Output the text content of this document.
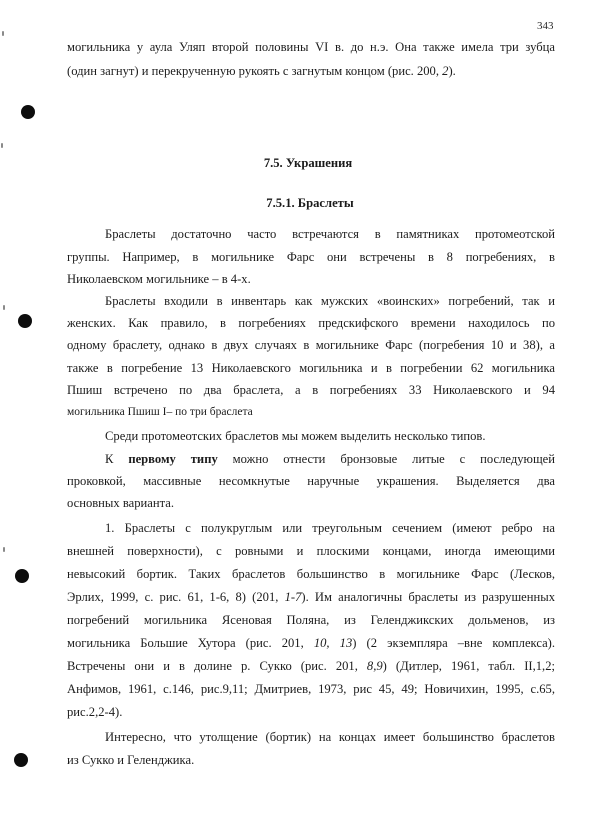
343
могильника у аула Уляп второй половины VI в. до н.э. Она также имела три зубца
(один загнут) и перекрученную рукоять с загнутым концом (рис. 200, 2).
7.5. Украшения
7.5.1. Браслеты
Браслеты достаточно часто встречаются в памятниках протомеотской
группы. Например, в могильнике Фарс они встречены в 8 погребениях, в
Николаевском могильнике – в 4-х.
Браслеты входили в инвентарь как мужских «воинских» погребений, так и
женских. Как правило, в погребениях предскифского времени находилось по
одному браслету, однако в двух случаях в могильнике Фарс (погребения 10 и 38), а
также в погребение 13 Николаевского могильника и в погребении 62 могильника
Пшиш встречено по два браслета, а в погребениях 33 Николаевского и 94
могильника Пшиш I– по три браслета
Среди протомеотских браслетов мы можем выделить несколько типов.
К первому типу можно отнести бронзовые литые с последующей
проковкой, массивные несомкнутые наручные украшения. Выделяется два
основных варианта.
1. Браслеты с полукруглым или треугольным сечением (имеют ребро на
внешней поверхности), с ровными и плоскими концами, иногда имеющими
невысокий бортик. Таких браслетов большинство в могильнике Фарс (Лесков,
Эрлих, 1999, с. рис. 61, 1-6, 8) (201, 1-7). Им аналогичны браслеты из разрушенных
погребений могильника Ясеновая Поляна, из Геленджикских дольменов, из
могильника Большие Хутора (рис. 201, 10, 13) (2 экземпляра –вне комплекса).
Встречены они и в долине р. Сукко (рис. 201, 8,9) (Дитлер, 1961, табл. II,1,2;
Анфимов, 1961, с.146, рис.9,11; Дмитриев, 1973, рис 45, 49; Новичихин, 1995, с.65,
рис.2,2-4).
Интересно, что утолщение (бортик) на концах имеет большинство браслетов
из Сукко и Геленджика.
